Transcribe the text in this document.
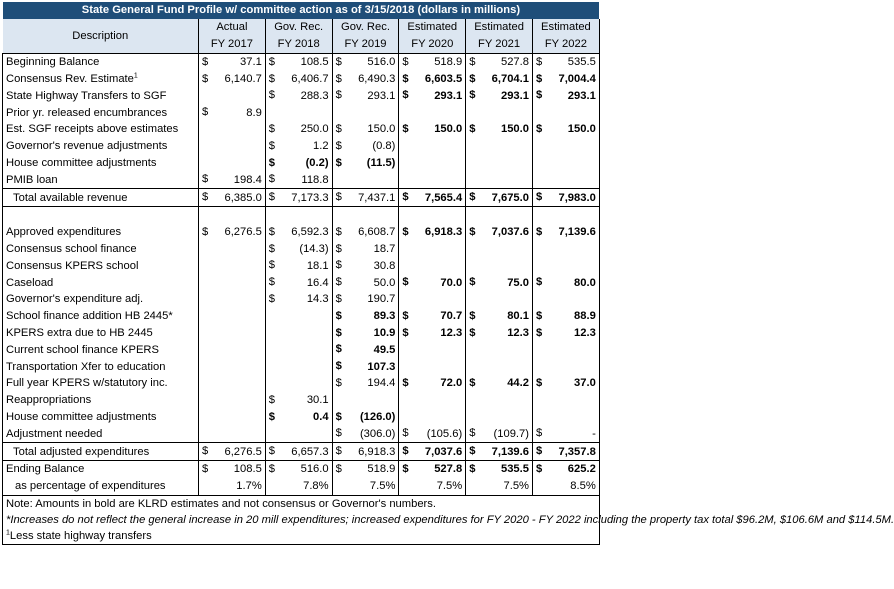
State General Fund Profile w/ committee action as of 3/15/2018 (dollars in millions)						
Description	Actual	Gov. Rec.	Gov. Rec.	Estimated	Estimated	Estimated
	FY 2017	FY 2018	FY 2019	FY 2020	FY 2021	FY 2022
Beginning Balance	$ 37.1	$ 108.5	$ 516.0	$ 518.9	$ 527.8	$ 535.5
Consensus Rev. Estimate$^1$	$ 6,140.7	$ 6,406.7	$ 6,490.3	$ 6,603.5	$ 6,704.1	$ 7,004.4
State Highway Transfers to SGF		$ 288.3	$ 293.1	$ 293.1	$ 293.1	$ 293.1
Prior yr. released encumbrances	$ 8.9					
Est. SGF receipts above estimates		$ 250.0	$ 150.0	$ 150.0	$ 150.0	$ 150.0
Governor's revenue adjustments		$ 1.2	$ (0.8)			
House committee adjustments		$ (0.2)	$ (11.5)			
PMIB loan	$ 198.4	$ 118.8				
Total available revenue	$ 6,385.0	$ 7,173.3	$ 7,437.1	$ 7,565.4	$ 7,675.0	$ 7,983.0

Approved expenditures	$ 6,276.5	$ 6,592.3	$ 6,608.7	$ 6,918.3	$ 7,037.6	$ 7,139.6
Consensus school finance		$ (14.3)	$ 18.7			
Consensus KPERS school		$ 18.1	$ 30.8			
Caseload		$ 16.4	$ 50.0	$ 70.0	$ 75.0	$ 80.0
Governor's expenditure adj.		$ 14.3	$ 190.7			
School finance addition HB 2445*			$ 89.3	$ 70.7	$ 80.1	$ 88.9
KPERS extra due to HB 2445			$ 10.9	$ 12.3	$ 12.3	$ 12.3
Current school finance KPERS			$ 49.5			
Transportation Xfer to education			$ 107.3			
Full year KPERS w/statutory inc.			$ 194.4	$ 72.0	$ 44.2	$ 37.0
Reappropriations		$ 30.1				
House committee adjustments		$ 0.4	$ (126.0)			
Adjustment needed			$ (306.0)	$ (105.6)	$ (109.7)	$ -
Total adjusted expenditures	$ 6,276.5	$ 6,657.3	$ 6,918.3	$ 7,037.6	$ 7,139.6	$ 7,357.8
Ending Balance	$ 108.5	$ 516.0	$ 518.9	$ 527.8	$ 535.5	$ 625.2
as percentage of expenditures	1.7%	7.8%	7.5%	7.5%	7.5%	8.5%

Note: Amounts in bold are KLRD estimates and not consensus or Governor's numbers.
*Increases do not reflect the general increase in 20 mill expenditures; increased expenditures for FY 2020 - FY 2022 including the property tax total $96.2M, $106.6M and $114.5M.
$^1$Less state highway transfers						
